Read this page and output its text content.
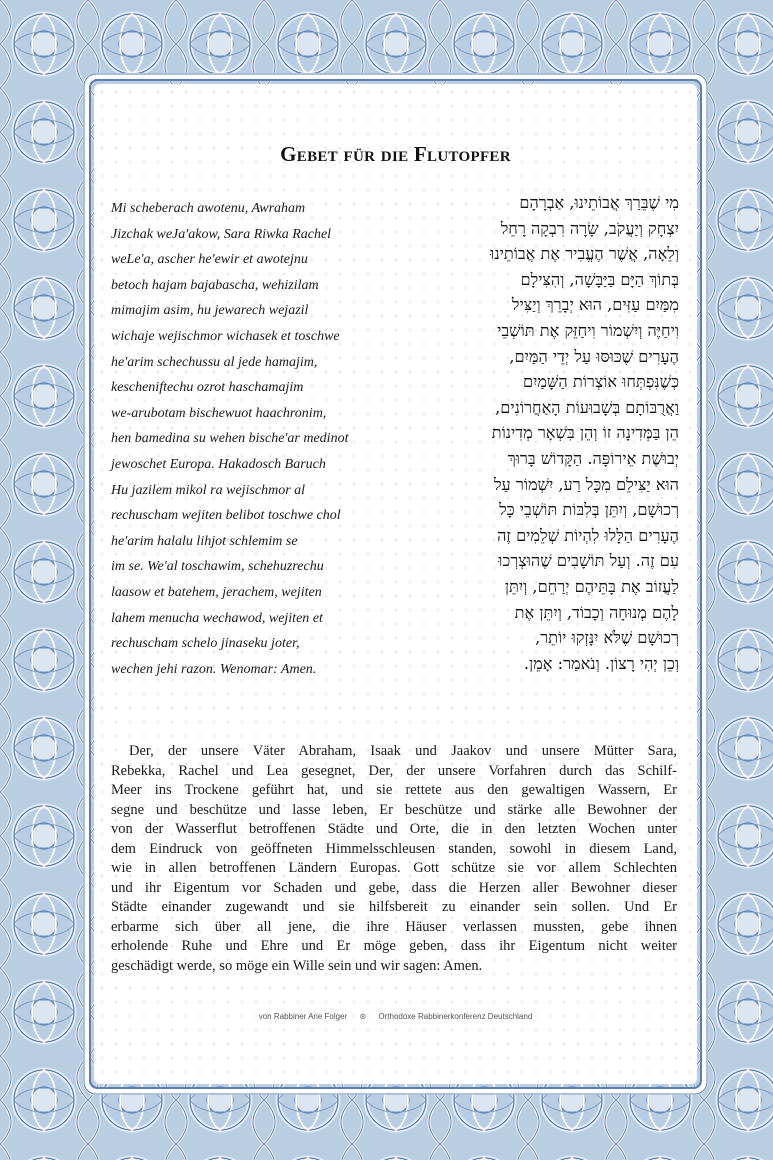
Gebet für die Flutopfer
Mi scheberach awotenu, Awraham
Jizchak weJa'akow, Sara Riwka Rachel
weLe'a, ascher he'ewir et awotejnu
betoch hajam bajabascha, wehizilam
mimajim asim, hu jewarech wejazil
wichaje wejischmor wichasek et toschwe
he'arim schechussu al jede hamajim,
kescheniftechu ozrot haschamajim
we-arubotam bischewuot haachronim,
hen bamedina su wehen bische'ar medinot
jewoschet Europa. Hakadosch Baruch
Hu jazilem mikol ra wejischmor al
rechuscham wejiten belibot toschwe chol
he'arim halalu lihjot schlemim se
im se. We'al toschawim, schehuzrechu
laasow et batehem, jerachem, wejiten
lahem menucha wechawod, wejiten et
rechuscham schelo jinaseku joter,
wechen jehi razon. Wenomar: Amen.
מִי שֶׁבֵּרַךְ אֲבוֹתֵינוּ, אַבְרָהָם
יִצְחָק וְיַעֲקֹב, שָׂרָה רִבְקָה רָחֵל
וְלֵאָה, אֲשֶׁר הֶעֱבִיר אֶת אֲבוֹתֵינוּ
בְּתוֹךְ הַיָּם בַּיַּבָּשָׁה, וְהִצִּילָם
מִמַּיִם עַזִּים, הוּא יְבָרֵךְ וְיַצִּיל
וִיחַיֶּה וְיִשְׁמוֹר וִיחַזֵּק אֶת תּוֹשְׁבֵי
הֶעָרִים שֶׁכּוּסּוּ עַל יְדֵי הַמַּיִם,
כְּשֶׁנִּפְתְּחוּ אוֹצְרוֹת הַשָּׁמַיִם
וַאֲרֻבּוֹתָם בְּשָׁבוּעוֹת הָאַחֲרוֹנִים,
הֵן בַּמְּדִינָה זוֹ וְהֵן בִּשְׁאָר מְדִינוֹת
יְבוּשֶׁת אֵירוֹפָּה. הַקָּדוֹשׁ בָּרוּךְ
הוּא יַצִּילֵם מִכָּל רַע, יִשְׁמוֹר עַל
רְכוּשָׁם, וְיִתֵּן בְּלִבּוֹת תּוֹשְׁבֵי כָּל
הֶעָרִים הַלָּלוּ לִהְיוֹת שְׁלֵמִים זֶה
עִם זֶה. וְעַל תּוֹשָׁבִים שֶׁהוּצְרְכוּ
לַעֲזוֹב אֶת בָּתֵּיהֶם יְרַחֵם, וְיִתֵּן
לָהֶם מְנוּחָה וְכָבוֹד, וְיִתֵּן אֶת
רְכוּשָׁם שֶׁלֹּא יִנָּזְקוּ יוֹתֵר,
וְכֵן יְהִי רָצוֹן. וְנֹאמַר: אָמֵן.
Der, der unsere Väter Abraham, Isaak und Jaakov und unsere Mütter Sara,
Rebekka, Rachel und Lea gesegnet, Der, der unsere Vorfahren durch das Schilf-
Meer ins Trockene geführt hat, und sie rettete aus den gewaltigen Wassern, Er
segne und beschütze und lasse leben, Er beschütze und stärke alle Bewohner der
von der Wasserflut betroffenen Städte und Orte, die in den letzten Wochen unter
dem Eindruck von geöffneten Himmelsschleusen standen, sowohl in diesem Land,
wie in allen betroffenen Ländern Europas. Gott schütze sie vor allem Schlechten
und ihr Eigentum vor Schaden und gebe, dass die Herzen aller Bewohner dieser
Städte einander zugewandt und sie hilfsbereit zu einander sein sollen. Und Er
erbarme sich über all jene, die ihre Häuser verlassen mussten, gebe ihnen
erholende Ruhe und Ehre und Er möge geben, dass ihr Eigentum nicht weiter
geschädigt werde, so möge ein Wille sein und wir sagen: Amen.
von Rabbiner Arie Folger ⊛ Orthodoxe Rabbinerkonferenz Deutschland
